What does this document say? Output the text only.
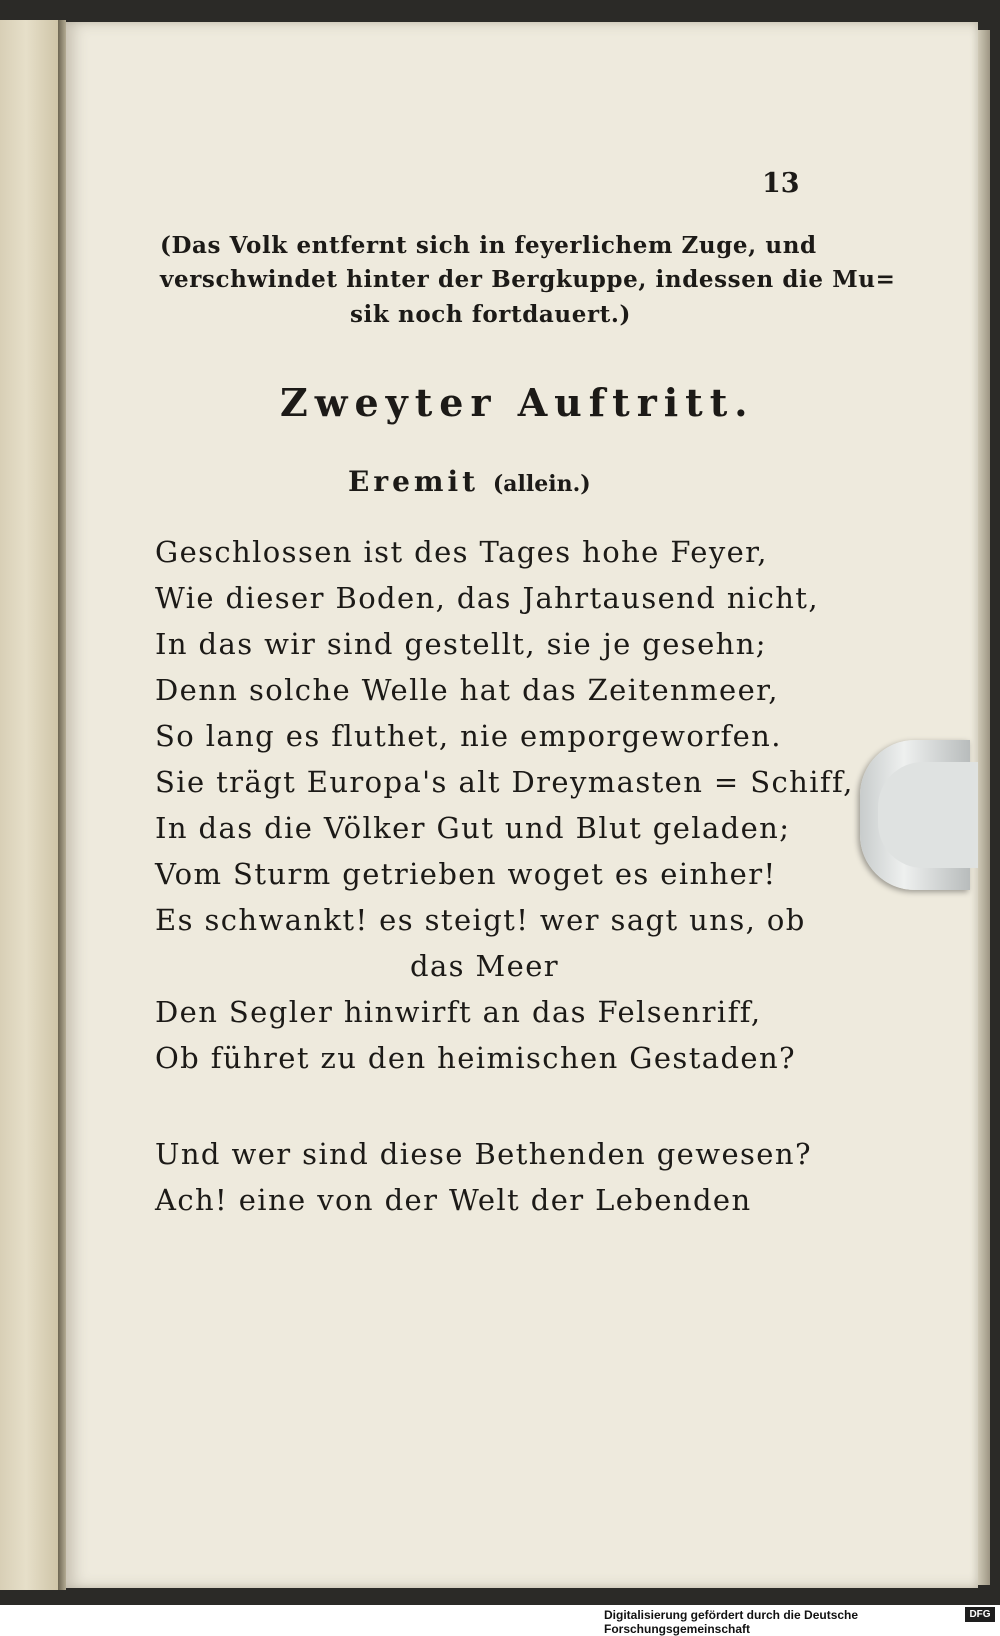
13
(Das Volk entfernt sich in feyerlichem Zuge, und
verschwindet hinter der Bergkuppe, indessen die Mu=
sik noch fortdauert.)
Zweyter Auftritt.
Eremit (allein.)
Geschlossen ist des Tages hohe Feyer,
Wie dieser Boden, das Jahrtausend nicht,
In das wir sind gestellt, sie je gesehn;
Denn solche Welle hat das Zeitenmeer,
So lang es fluthet, nie emporgeworfen.
Sie trägt Europa's alt Dreymasten = Schiff,
In das die Völker Gut und Blut geladen;
Vom Sturm getrieben woget es einher!
Es schwankt! es steigt! wer sagt uns, ob
das Meer
Den Segler hinwirft an das Felsenriff,
Ob führet zu den heimischen Gestaden?
Und wer sind diese Bethenden gewesen?
Ach! eine von der Welt der Lebenden
Digitalisierung gefördert durch die Deutsche Forschungsgemeinschaft
DFG
